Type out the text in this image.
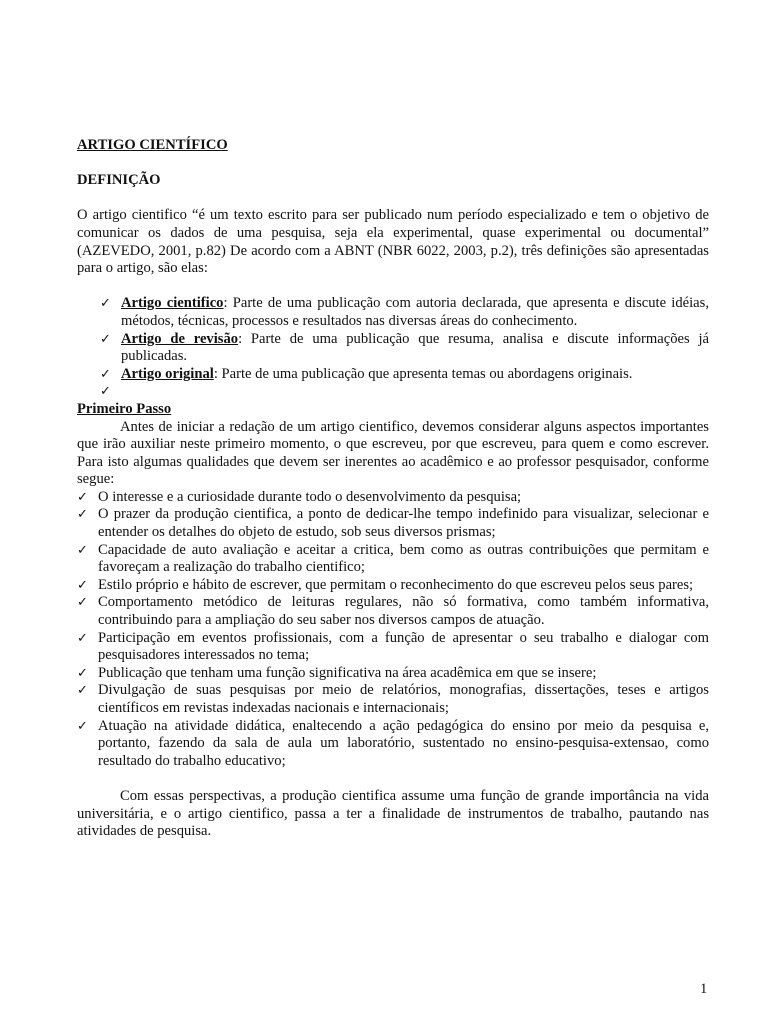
ARTIGO CIENTÍFICO

DEFINIÇÃO

O artigo cientifico “é um texto escrito para ser publicado num período especializado e tem o objetivo de comunicar os dados de uma pesquisa, seja ela experimental, quase experimental ou documental” (AZEVEDO, 2001, p.82) De acordo com a ABNT (NBR 6022, 2003, p.2), três definições são apresentadas para o artigo, são elas:

✓ Artigo cientifico: Parte de uma publicação com autoria declarada, que apresenta e discute idéias, métodos, técnicas, processos e resultados nas diversas áreas do conhecimento.
✓ Artigo de revisão: Parte de uma publicação que resuma, analisa e discute informações já publicadas.
✓ Artigo original: Parte de uma publicação que apresenta temas ou abordagens originais.
✓

Primeiro Passo

Antes de iniciar a redação de um artigo cientifico, devemos considerar alguns aspectos importantes que irão auxiliar neste primeiro momento, o que escreveu, por que escreveu, para quem e como escrever. Para isto algumas qualidades que devem ser inerentes ao acadêmico e ao professor pesquisador, conforme segue:

✓ O interesse e a curiosidade durante todo o desenvolvimento da pesquisa;
✓ O prazer da produção cientifica, a ponto de dedicar-lhe tempo indefinido para visualizar, selecionar e entender os detalhes do objeto de estudo, sob seus diversos prismas;
✓ Capacidade de auto avaliação e aceitar a critica, bem como as outras contribuições que permitam e favoreçam a realização do trabalho cientifico;
✓ Estilo próprio e hábito de escrever, que permitam o reconhecimento do que escreveu pelos seus pares;
✓ Comportamento metódico de leituras regulares, não só formativa, como também informativa, contribuindo para a ampliação do seu saber nos diversos campos de atuação.
✓ Participação em eventos profissionais, com a função de apresentar o seu trabalho e dialogar com pesquisadores interessados no tema;
✓ Publicação que tenham uma função significativa na área acadêmica em que se insere;
✓ Divulgação de suas pesquisas por meio de relatórios, monografias, dissertações, teses e artigos científicos em revistas indexadas nacionais e internacionais;
✓ Atuação na atividade didática, enaltecendo a ação pedagógica do ensino por meio da pesquisa e, portanto, fazendo da sala de aula um laboratório, sustentado no ensino-pesquisa-extensao, como resultado do trabalho educativo;

Com essas perspectivas, a produção cientifica assume uma função de grande importância na vida universitária, e o artigo cientifico, passa a ter a finalidade de instrumentos de trabalho, pautando nas atividades de pesquisa.

1
